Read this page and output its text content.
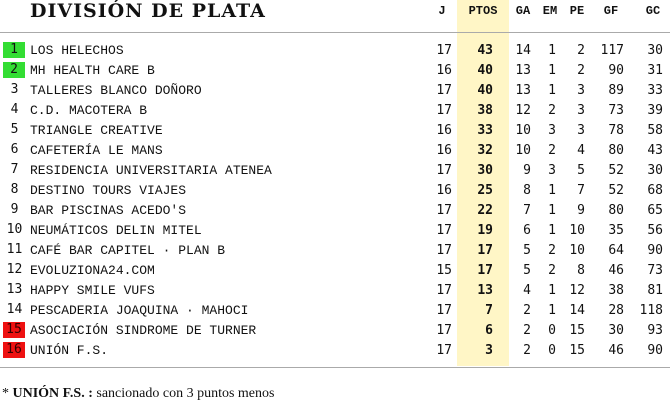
DIVISIÓN DE PLATA	J	PTOS	GA	EM	PE	GF	GC
1 LOS HELECHOS	17 43 14 1 2 117 30
2 MH HEALTH CARE B	16 40 13 1 2 90 31
3 TALLERES BLANCO DOÑORO	17 40 13 1 3 89 33
4 C.D. MACOTERA B	17 38 12 2 3 73 39
5 TRIANGLE CREATIVE	16 33 10 3 3 78 58
6 CAFETERÍA LE MANS	16 32 10 2 4 80 43
7 RESIDENCIA UNIVERSITARIA ATENEA	17 30 9 3 5 52 30
8 DESTINO TOURS VIAJES	16 25 8 1 7 52 68
9 BAR PISCINAS ACEDO'S	17 22 7 1 9 80 65
10 NEUMÁTICOS DELIN MITEL	17 19 6 1 10 35 56
11 CAFÉ BAR CAPITEL · PLAN B	17 17 5 2 10 64 90
12 EVOLUZIONA24.COM	15 17 5 2 8 46 73
13 HAPPY SMILE VUFS	17 13 4 1 12 38 81
14 PESCADERIA JOAQUINA · MAHOCI	17	7 2 1 14 28 118
15 ASOCIACIÓN SINDROME DE TURNER	17	6 2 0 15 30 93
16 UNIÓN F.S.	17	3 2 0 15 46 90
* UNIÓN F.S. : sancionado con 3 puntos menos
